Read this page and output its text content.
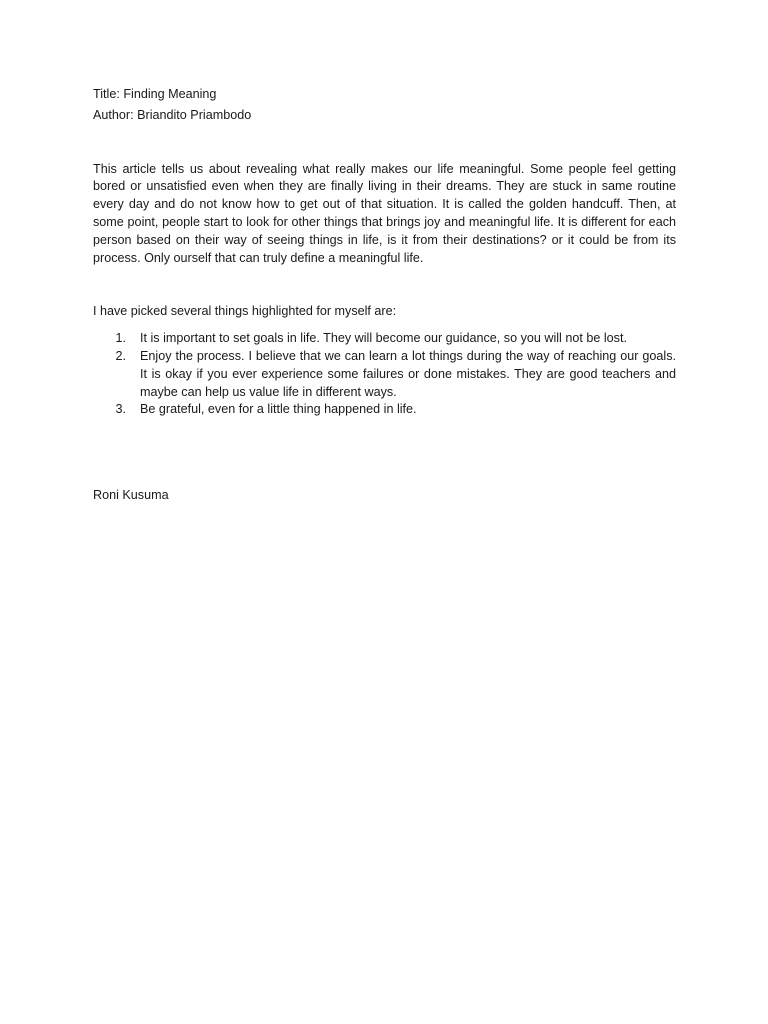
Title: Finding Meaning

Author: Briandito Priambodo

This article tells us about revealing what really makes our life meaningful. Some people feel getting bored or unsatisfied even when they are finally living in their dreams. They are stuck in same routine every day and do not know how to get out of that situation. It is called the golden handcuff. Then, at some point, people start to look for other things that brings joy and meaningful life. It is different for each person based on their way of seeing things in life, is it from their destinations? or it could be from its process. Only ourself that can truly define a meaningful life.

I have picked several things highlighted for myself are:

1.	It is important to set goals in life. They will become our guidance, so you will not be lost.
2.	Enjoy the process. I believe that we can learn a lot things during the way of reaching our goals. It is okay if you ever experience some failures or done mistakes. They are good teachers and maybe can help us value life in different ways.
3.	Be grateful, even for a little thing happened in life.

Roni Kusuma
